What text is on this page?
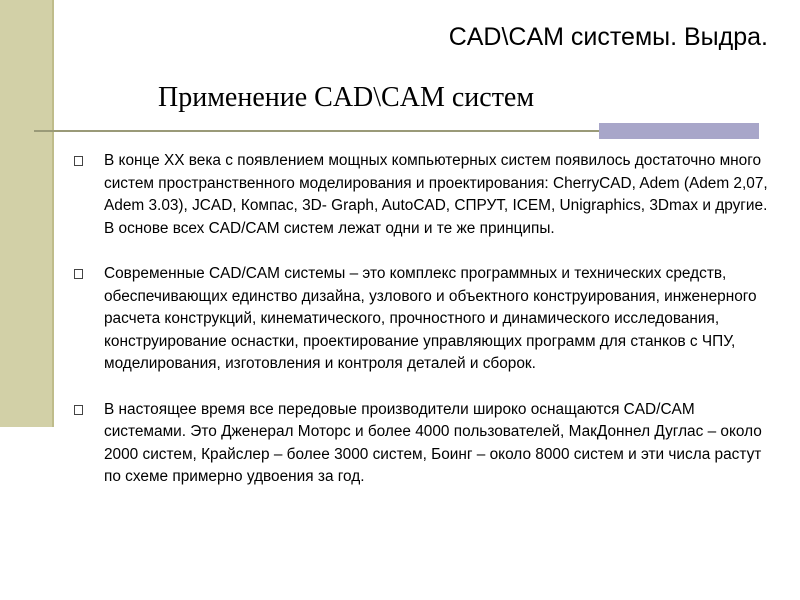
CAD\CAM системы. Выдра.
Применение CAD\CAM систем
В конце ХХ века с появлением мощных компьютерных систем появилось достаточно много систем пространственного моделирования и проектирования: CherryCAD, Adem (Adem 2,07, Adem 3.03), JCAD, Компас, 3D- Graph, AutoCAD, СПРУТ, ICEM, Unigraphics, 3Dmax и другие. В основе всех CAD/CAM систем лежат одни и те же принципы.
Современные CAD/CAM системы – это комплекс программных и технических средств, обеспечивающих единство дизайна, узлового и объектного конструирования, инженерного расчета конструкций, кинематического, прочностного и динамического исследования, конструирование оснастки, проектирование управляющих программ для станков с ЧПУ, моделирования, изготовления и контроля деталей и сборок.
В настоящее время все передовые производители широко оснащаются CAD/CAM системами. Это Дженерал Моторс и более 4000 пользователей, МакДоннел Дуглас – около 2000 систем, Крайслер – более 3000 систем, Боинг – около 8000 систем и эти числа растут по схеме примерно удвоения за год.
